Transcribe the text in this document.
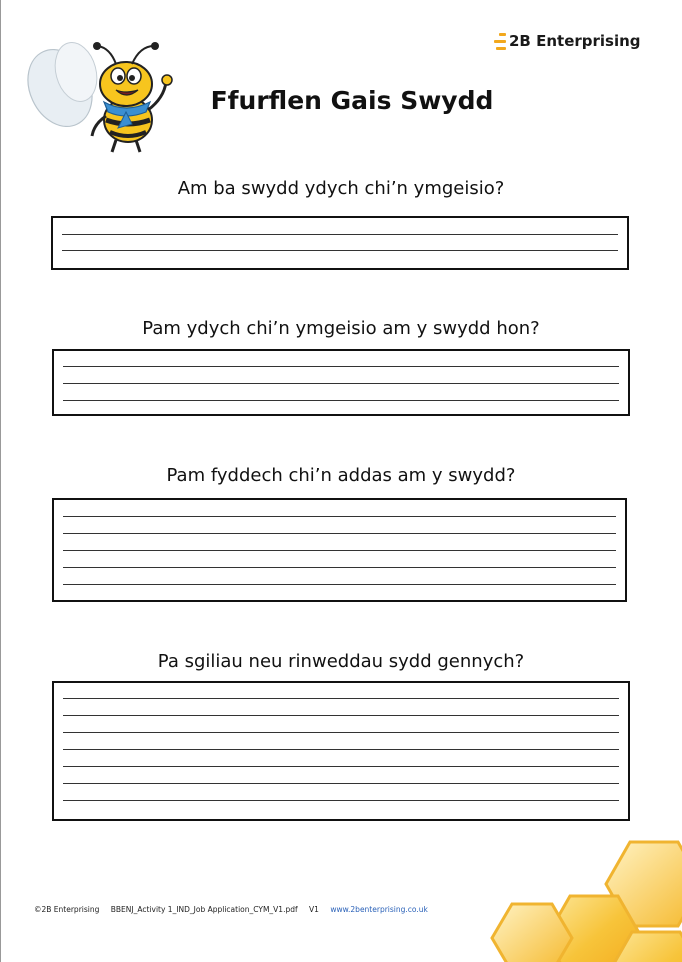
2B Enterprising
Ffurflen Gais Swydd
Am ba swydd ydych chi’n ymgeisio?
Pam ydych chi’n ymgeisio am y swydd hon?
Pam fyddech chi’n addas am y swydd?
Pa sgiliau neu rinweddau sydd gennych?
©2B Enterprising BBENJ_Activity 1_IND_Job Application_CYM_V1.pdf V1 www.2benterprising.co.uk
